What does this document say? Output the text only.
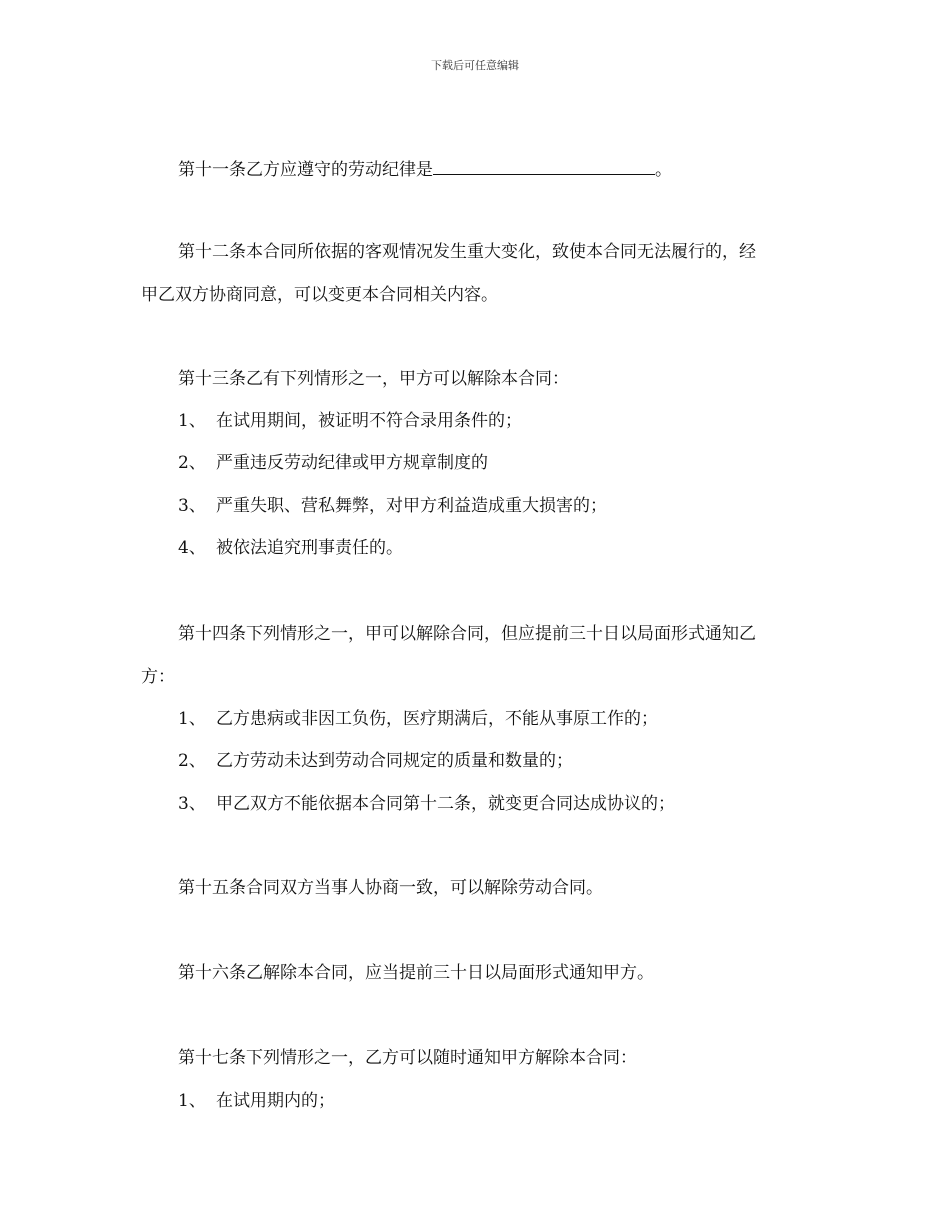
下载后可任意编辑
第十一条乙方应遵守的劳动纪律是	。
第十二条本合同所依据的客观情况发生重大变化，致使本合同无法履行的，经
甲乙双方协商同意，可以变更本合同相关内容。
第十三条乙有下列情形之一，甲方可以解除本合同：
1、 在试用期间，被证明不符合录用条件的；
2、 严重违反劳动纪律或甲方规章制度的
3、 严重失职、营私舞弊，对甲方利益造成重大损害的；
4、 被依法追究刑事责任的。
第十四条下列情形之一，甲可以解除合同，但应提前三十日以局面形式通知乙
方：
1、 乙方患病或非因工负伤，医疗期满后，不能从事原工作的；
2、 乙方劳动未达到劳动合同规定的质量和数量的；
3、 甲乙双方不能依据本合同第十二条，就变更合同达成协议的；
第十五条合同双方当事人协商一致，可以解除劳动合同。
第十六条乙解除本合同，应当提前三十日以局面形式通知甲方。
第十七条下列情形之一，乙方可以随时通知甲方解除本合同：
1、 在试用期内的；
